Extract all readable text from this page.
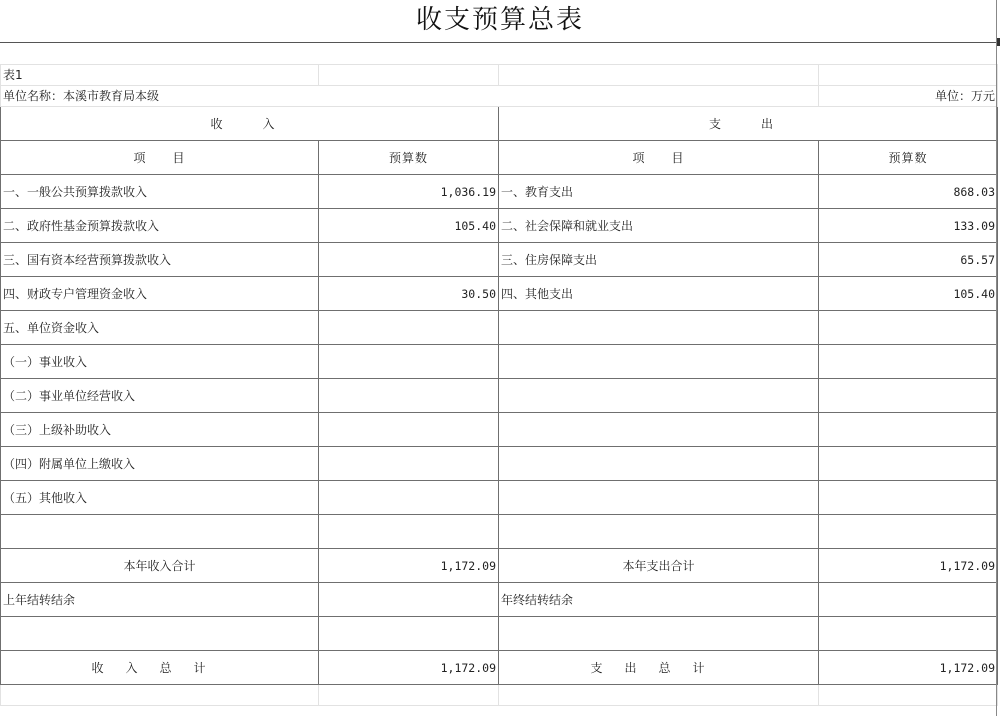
收支预算总表
表1			
单位名称：本溪市教育局本级			单位：万元
收　入		支　出	
项　　目	预算数	项　　目	预算数
一、一般公共预算拨款收入	1,036.19	一、教育支出	868.03
二、政府性基金预算拨款收入	105.40	二、社会保障和就业支出	133.09
三、国有资本经营预算拨款收入		三、住房保障支出	65.57
四、财政专户管理资金收入	30.50	四、其他支出	105.40
五、单位资金收入			
（一）事业收入			
（二）事业单位经营收入			
（三）上级补助收入			
（四）附属单位上缴收入			
（五）其他收入			

本年收入合计	1,172.09	本年支出合计	1,172.09
上年结转结余		年终结转结余	

收入总计	1,172.09	支出总计	1,172.09
